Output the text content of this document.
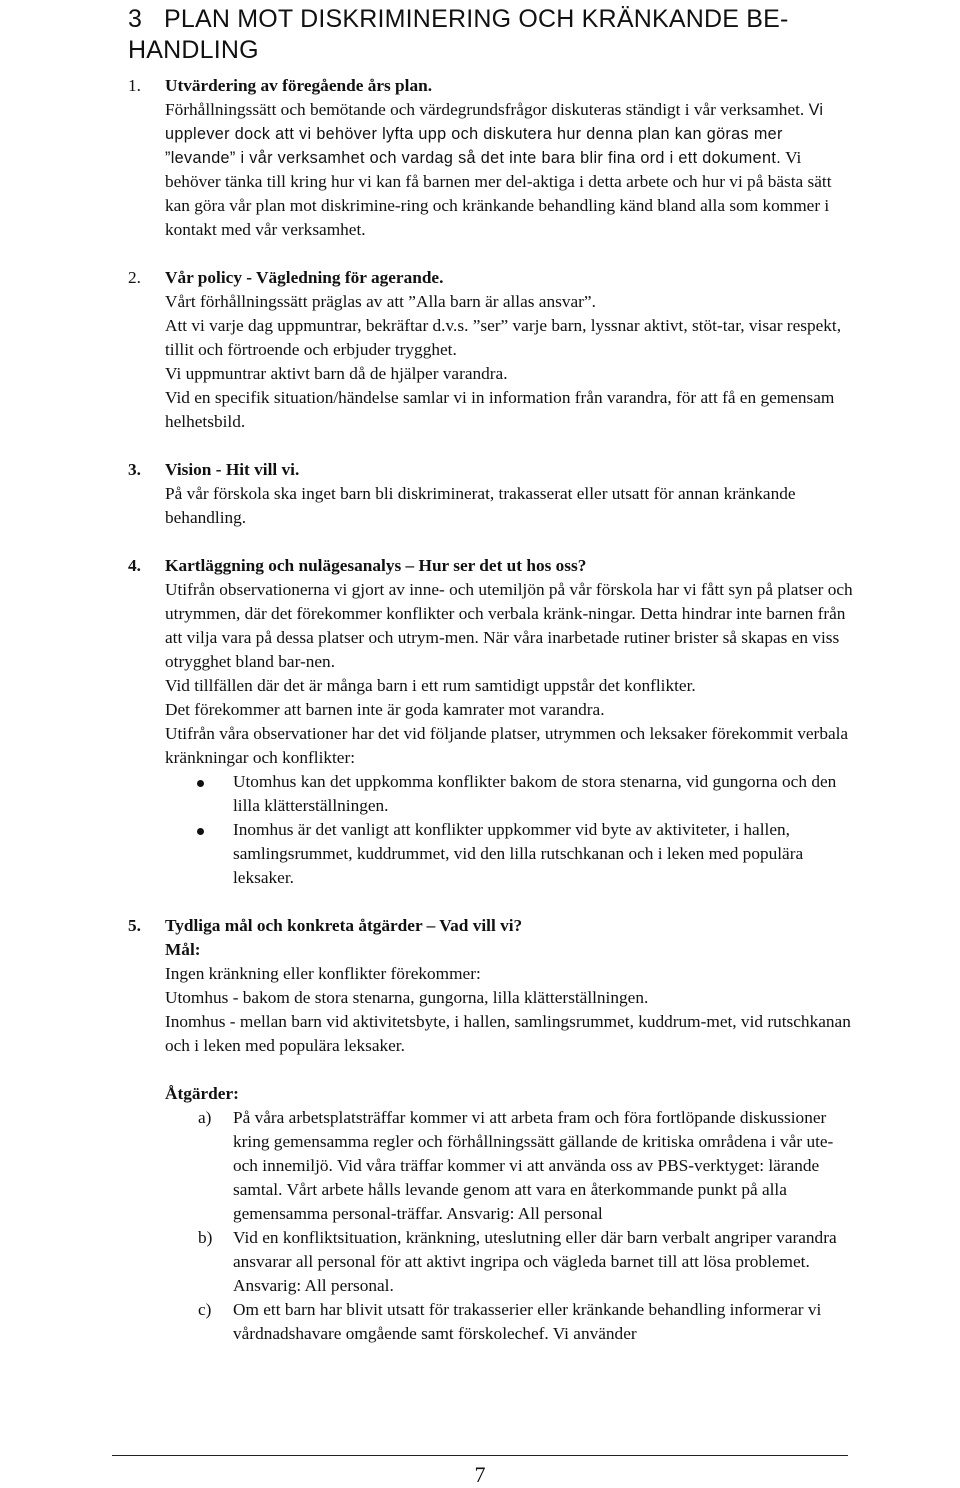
3 PLAN MOT DISKRIMINERING OCH KRÄNKANDE BE-
HANDLING
1. Utvärdering av föregående års plan.

Förhållningssätt och bemötande och värdegrundsfrågor diskuteras ständigt i vår verksamhet. Vi upplever dock att vi behöver lyfta upp och diskutera hur denna plan kan göras mer ”levande” i vår verksamhet och vardag så det inte bara blir fina ord i ett dokument. Vi behöver tänka till kring hur vi kan få barnen mer del-aktiga i detta arbete och hur vi på bästa sätt kan göra vår plan mot diskrimine-ring och kränkande behandling känd bland alla som kommer i kontakt med vår verksamhet.

2. Vår policy - Vägledning för agerande.

Vårt förhållningssätt präglas av att ”Alla barn är allas ansvar”.

Att vi varje dag uppmuntrar, bekräftar d.v.s. ”ser” varje barn, lyssnar aktivt, stöt-tar, visar respekt, tillit och förtroende och erbjuder trygghet.

Vi uppmuntrar aktivt barn då de hjälper varandra.

Vid en specifik situation/händelse samlar vi in information från varandra, för att få en gemensam helhetsbild.

3. Vision - Hit vill vi.

På vår förskola ska inget barn bli diskriminerat, trakasserat eller utsatt för annan kränkande behandling.

4. Kartläggning och nulägesanalys – Hur ser det ut hos oss?

Utifrån observationerna vi gjort av inne- och utemiljön på vår förskola har vi fått syn på platser och utrymmen, där det förekommer konflikter och verbala kränk-ningar. Detta hindrar inte barnen från att vilja vara på dessa platser och utrym-men. När våra inarbetade rutiner brister så skapas en viss otrygghet bland bar-nen.

Vid tillfällen där det är många barn i ett rum samtidigt uppstår det konflikter.

Det förekommer att barnen inte är goda kamrater mot varandra.

Utifrån våra observationer har det vid följande platser, utrymmen och leksaker förekommit verbala kränkningar och konflikter:

Utomhus kan det uppkomma konflikter bakom de stora stenarna, vid gungorna och den lilla klätterställningen.
Inomhus är det vanligt att konflikter uppkommer vid byte av aktiviteter, i hallen, samlingsrummet, kuddrummet, vid den lilla rutschkanan och i leken med populära leksaker.
5. Tydliga mål och konkreta åtgärder – Vad vill vi?

Mål:

Ingen kränkning eller konflikter förekommer:

Utomhus - bakom de stora stenarna, gungorna, lilla klätterställningen.

Inomhus - mellan barn vid aktivitetsbyte, i hallen, samlingsrummet, kuddrum-met, vid rutschkanan och i leken med populära leksaker.

Åtgärder:

a) På våra arbetsplatsträffar kommer vi att arbeta fram och föra fortlöpande diskussioner kring gemensamma regler och förhållningssätt gällande de kritiska områdena i vår ute- och innemiljö. Vid våra träffar kommer vi att använda oss av PBS-verktyget: lärande samtal. Vårt arbete hålls levande genom att vara en återkommande punkt på alla gemensamma personal-träffar. Ansvarig: All personal
b) Vid en konfliktsituation, kränkning, uteslutning eller där barn verbalt angriper varandra ansvarar all personal för att aktivt ingripa och vägleda barnet till att lösa problemet. Ansvarig: All personal.
c) Om ett barn har blivit utsatt för trakasserier eller kränkande behandling informerar vi vårdnadshavare omgående samt förskolechef. Vi använder
7
